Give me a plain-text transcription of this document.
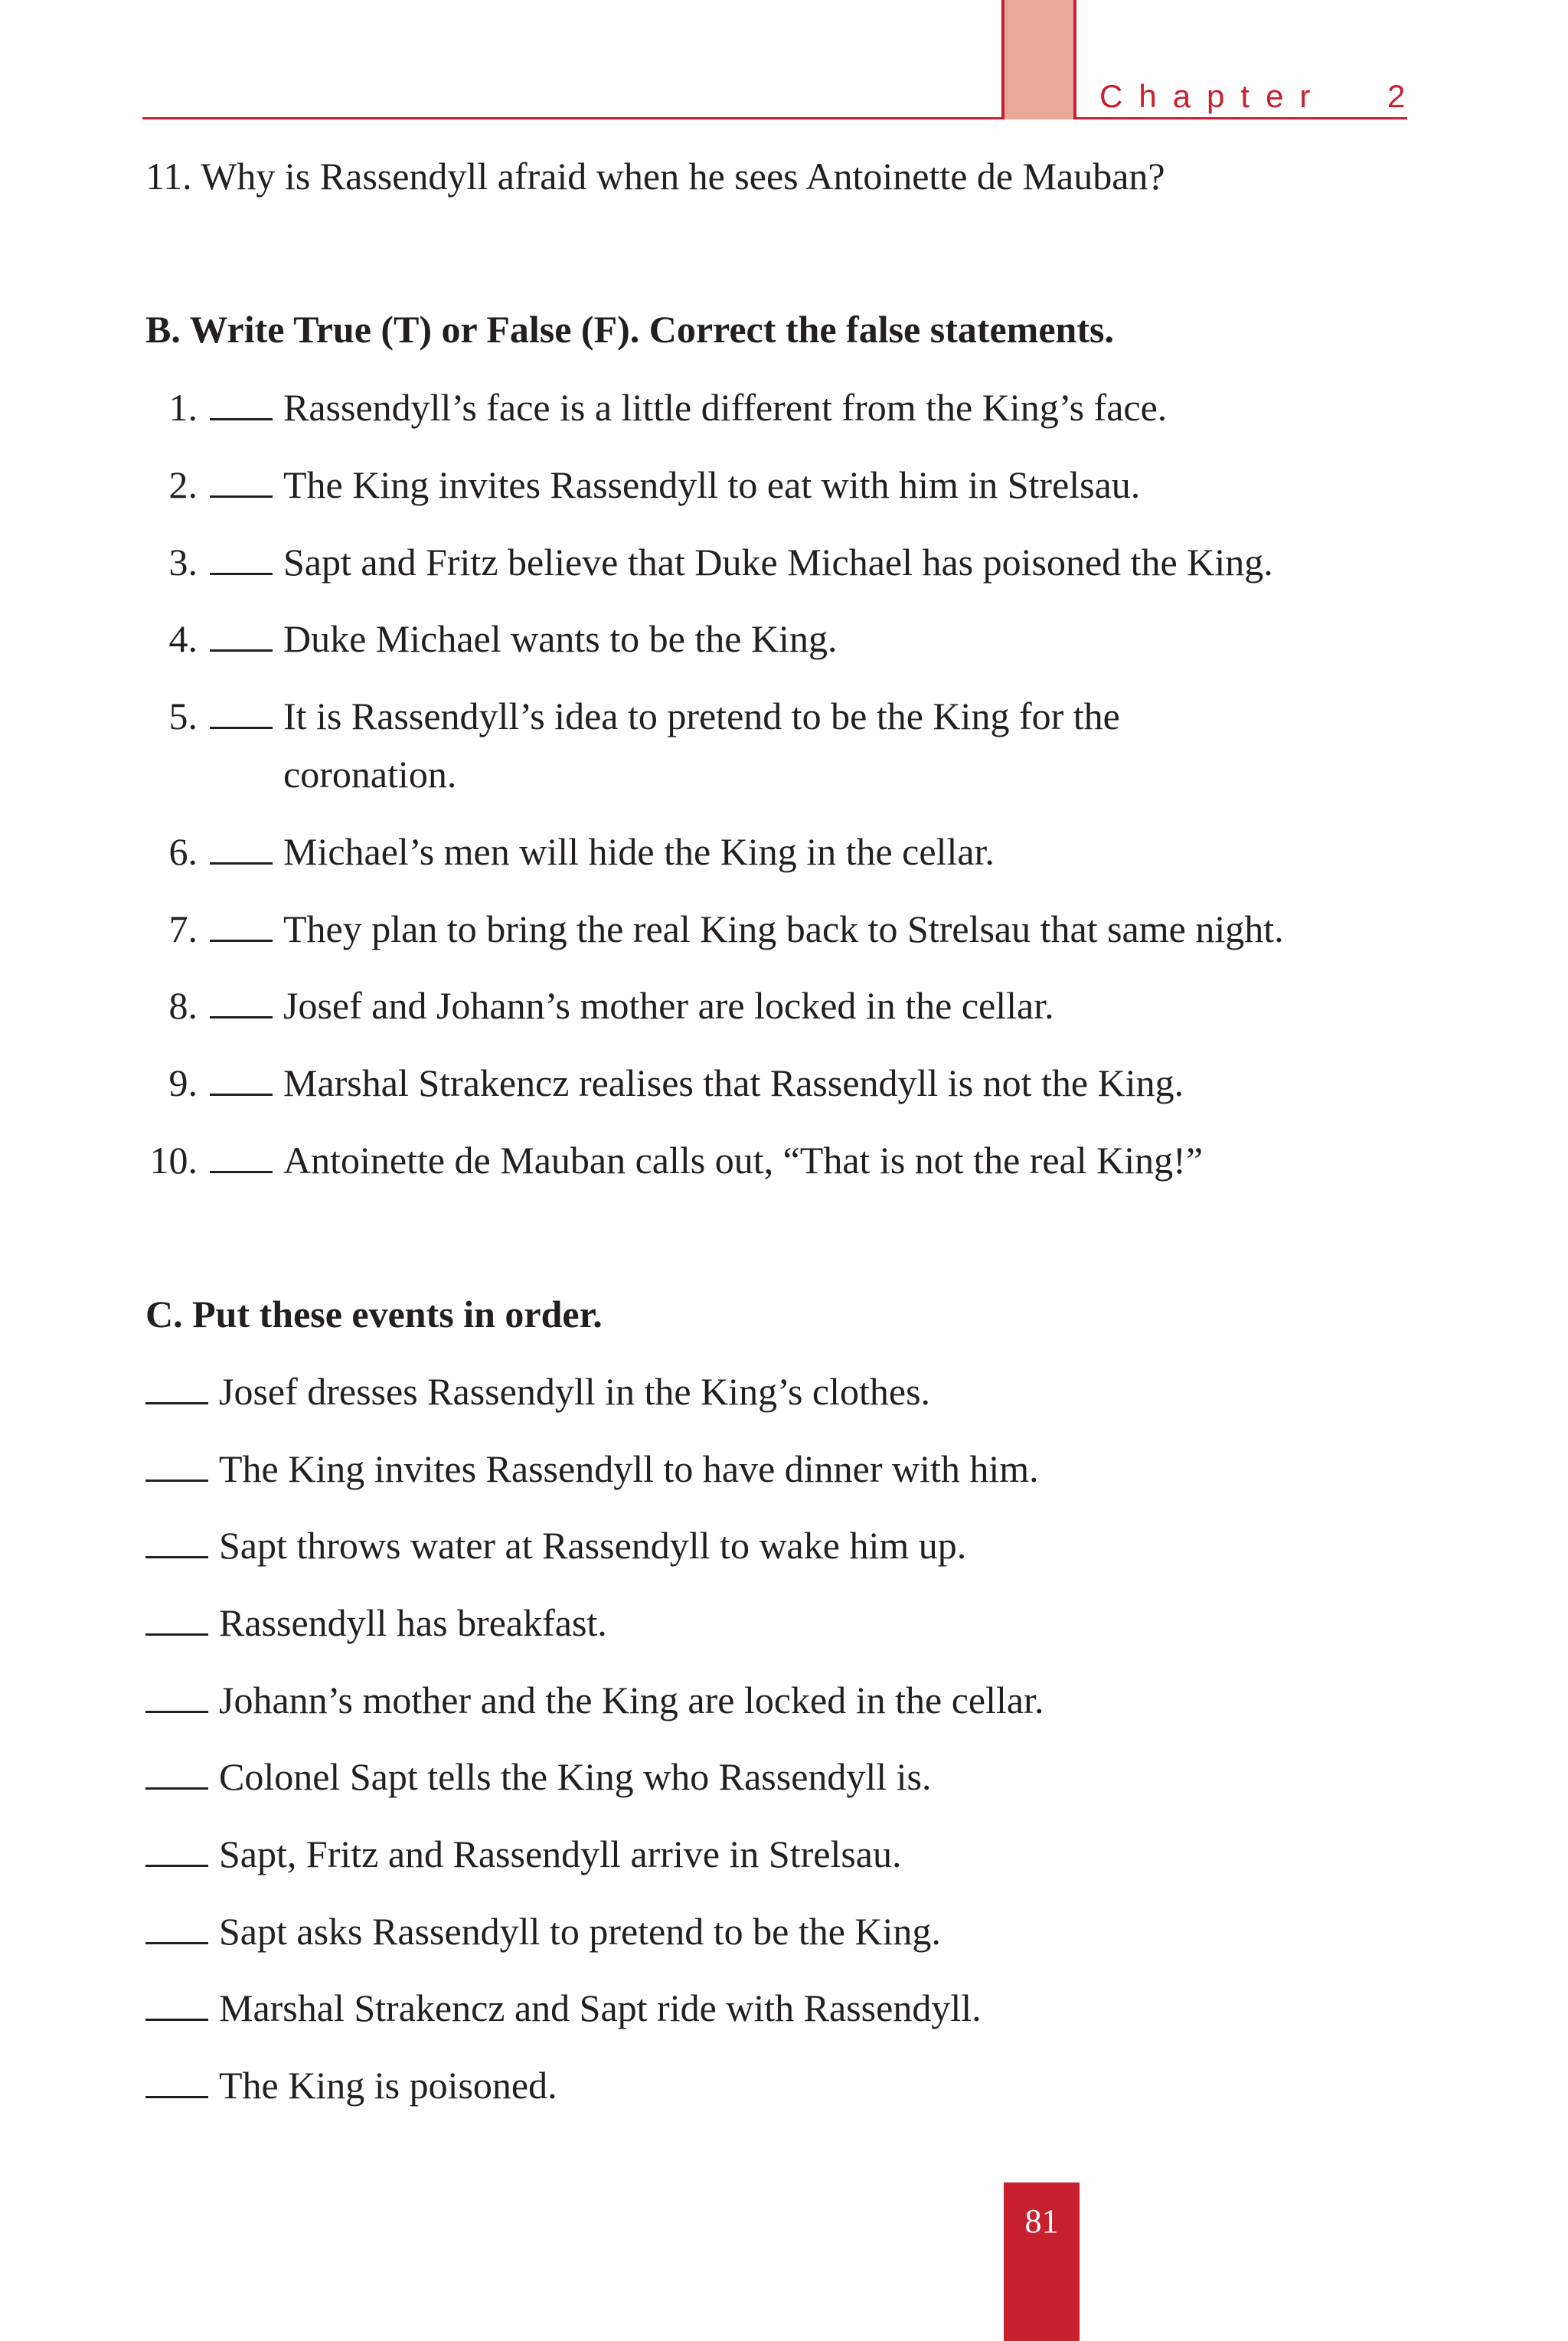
Chapter 2
11. Why is Rassendyll afraid when he sees Antoinette de Mauban?
B. Write True (T) or False (F). Correct the false statements.
1.	Rassendyll’s face is a little different from the King’s face.
2.	The King invites Rassendyll to eat with him in Strelsau.
3.	Sapt and Fritz believe that Duke Michael has poisoned the King.
4.	Duke Michael wants to be the King.
5.	It is Rassendyll’s idea to pretend to be the King for the
coronation.
6.	Michael’s men will hide the King in the cellar.
7.	They plan to bring the real King back to Strelsau that same night.
8.	Josef and Johann’s mother are locked in the cellar.
9.	Marshal Strakencz realises that Rassendyll is not the King.
10.	Antoinette de Mauban calls out, “That is not the real King!”
C. Put these events in order.
Josef dresses Rassendyll in the King’s clothes.
The King invites Rassendyll to have dinner with him.
Sapt throws water at Rassendyll to wake him up.
Rassendyll has breakfast.
Johann’s mother and the King are locked in the cellar.
Colonel Sapt tells the King who Rassendyll is.
Sapt, Fritz and Rassendyll arrive in Strelsau.
Sapt asks Rassendyll to pretend to be the King.
Marshal Strakencz and Sapt ride with Rassendyll.
The King is poisoned.
81
